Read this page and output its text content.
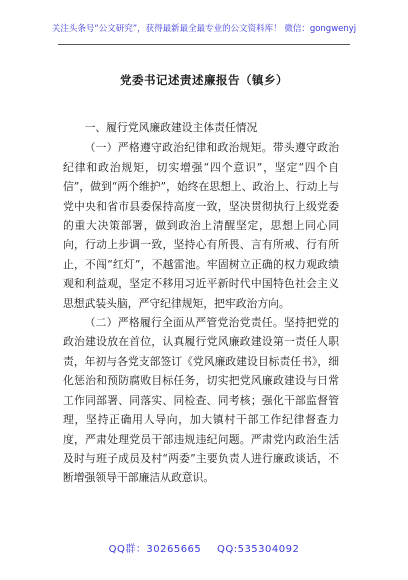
关注头条号“公文研究”，获得最新最全最专业的公文资料库！ 微信：gongwenyj
党委书记述责述廉报告（镇乡）

一、履行党风廉政建设主体责任情况

（一）严格遵守政治纪律和政治规矩。带头遵守政治纪律和政治规矩，切实增强“四个意识”，坚定“四个自信”，做到“两个维护”，始终在思想上、政治上、行动上与党中央和省市县委保持高度一致，坚决贯彻执行上级党委的重大决策部署，做到政治上清醒坚定，思想上同心同向，行动上步调一致，坚持心有所畏、言有所戒、行有所止，不闯“红灯”，不越雷池。牢固树立正确的权力观政绩观和利益观，坚定不移用习近平新时代中国特色社会主义思想武装头脑，严守纪律规矩，把牢政治方向。

（二）严格履行全面从严管党治党责任。坚持把党的政治建设放在首位，认真履行党风廉政建设第一责任人职责，年初与各党支部签订《党风廉政建设目标责任书》，细化惩治和预防腐败目标任务，切实把党风廉政建设与日常工作同部署、同落实、同检查、同考核；强化干部监督管理，坚持正确用人导向，加大镇村干部工作纪律督查力度，严肃处理党员干部违规违纪问题。严肃党内政治生活及时与班子成员及村“两委”主要负责人进行廉政谈话，不断增强领导干部廉洁从政意识。

QQ群：30265665 QQ:535304092
